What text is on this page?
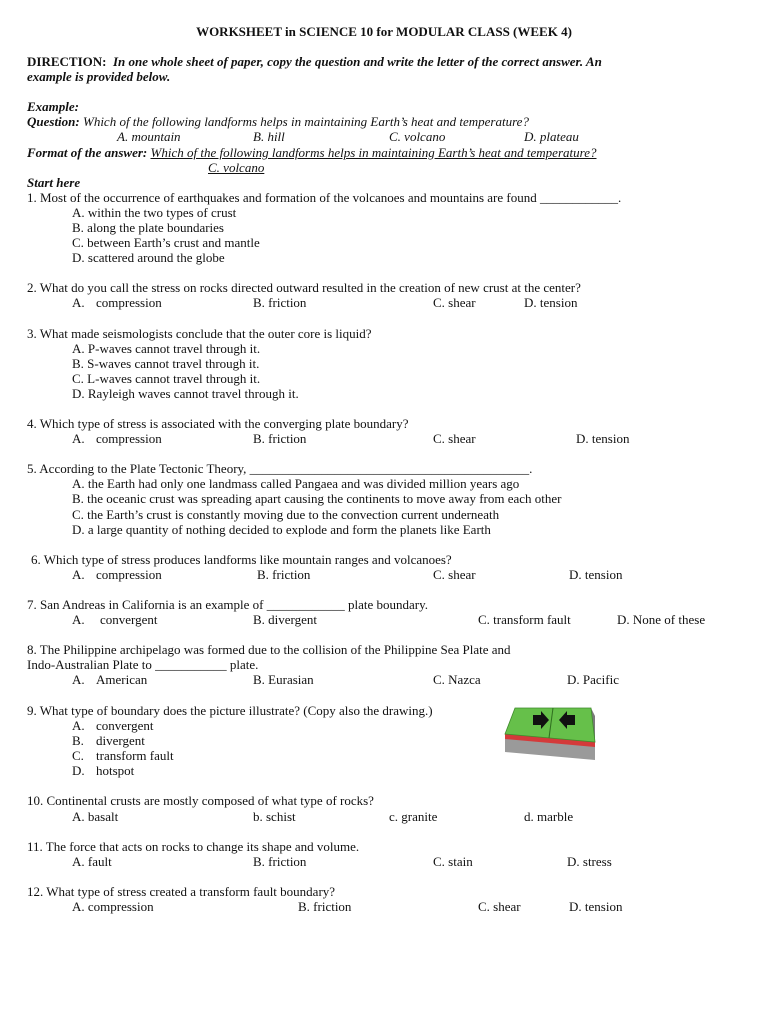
WORKSHEET in SCIENCE 10 for MODULAR CLASS (WEEK 4)
DIRECTION: In one whole sheet of paper, copy the question and write the letter of the correct answer. An
example is provided below.
Example:
Question: Which of the following landforms helps in maintaining Earth’s heat and temperature?
A. mountain	B. hill	C. volcano	D. plateau
Format of the answer: Which of the following landforms helps in maintaining Earth’s heat and temperature?
C. volcano
Start here
1. Most of the occurrence of earthquakes and formation of the volcanoes and mountains are found ____________.
A. within the two types of crust
B. along the plate boundaries
C. between Earth’s crust and mantle
D. scattered around the globe
2. What do you call the stress on rocks directed outward resulted in the creation of new crust at the center?
A. compression	B. friction	C. shear	D. tension
3. What made seismologists conclude that the outer core is liquid?
A. P-waves cannot travel through it.
B. S-waves cannot travel through it.
C. L-waves cannot travel through it.
D. Rayleigh waves cannot travel through it.
4. Which type of stress is associated with the converging plate boundary?
A. compression	B. friction	C. shear	D. tension
5. According to the Plate Tectonic Theory, ___________________________________________.
A. the Earth had only one landmass called Pangaea and was divided million years ago
B. the oceanic crust was spreading apart causing the continents to move away from each other
C. the Earth’s crust is constantly moving due to the convection current underneath
D. a large quantity of nothing decided to explode and form the planets like Earth
6. Which type of stress produces landforms like mountain ranges and volcanoes?
A. compression	B. friction	C. shear	D. tension
7. San Andreas in California is an example of ____________ plate boundary.
A. convergent	B. divergent	C. transform fault	D. None of these
8. The Philippine archipelago was formed due to the collision of the Philippine Sea Plate and
Indo-Australian Plate to ___________ plate.
A. American	B. Eurasian	C. Nazca	D. Pacific
9. What type of boundary does the picture illustrate? (Copy also the drawing.)
A. convergent
B. divergent
C. transform fault
D. hotspot
10. Continental crusts are mostly composed of what type of rocks?
A. basalt	b. schist	c. granite	d. marble
11. The force that acts on rocks to change its shape and volume.
A. fault	B. friction	C. stain	D. stress
12. What type of stress created a transform fault boundary?
A. compression	B. friction	C. shear	D. tension
